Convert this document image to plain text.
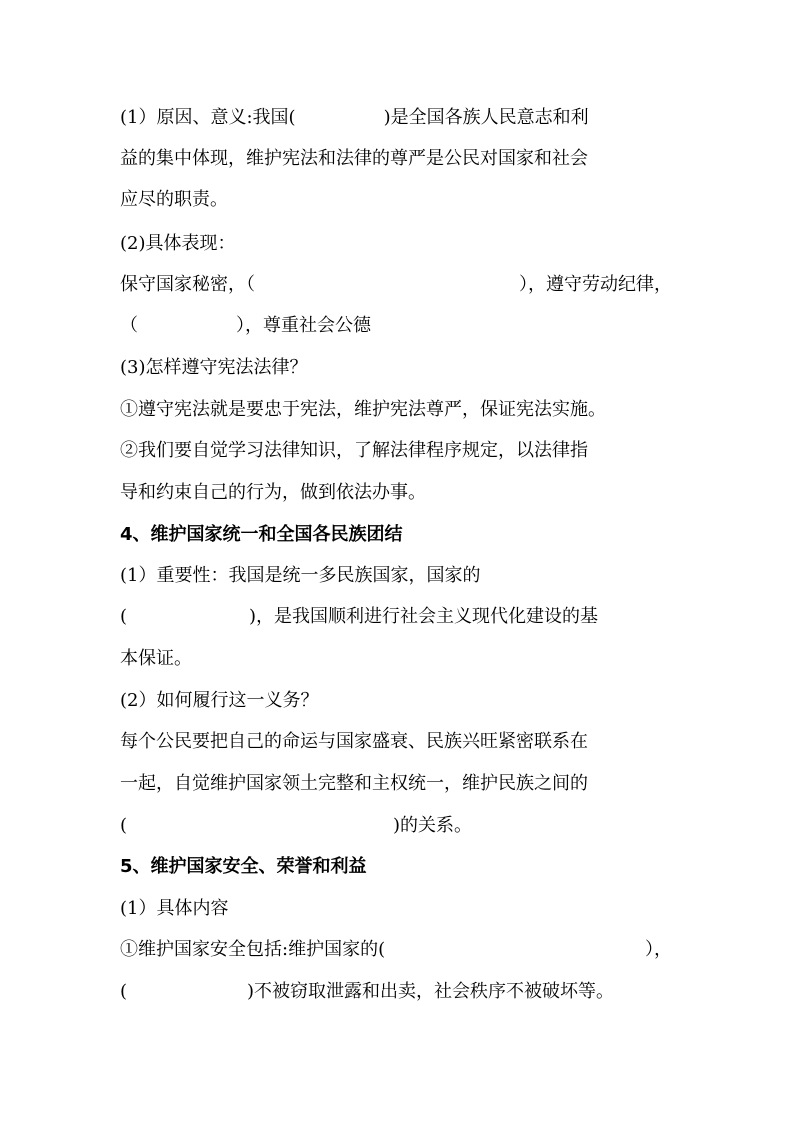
(1）原因、意义:我国(	)是全国各族人民意志和利
益的集中体现，维护宪法和法律的尊严是公民对国家和社会
应尽的职责。
(2)具体表现：
保守国家秘密，（	），遵守劳动纪律，
（	），尊重社会公德
(3)怎样遵守宪法法律？
①遵守宪法就是要忠于宪法，维护宪法尊严，保证宪法实施。
②我们要自觉学习法律知识，了解法律程序规定，以法律指
导和约束自己的行为，做到依法办事。
4、维护国家统一和全国各民族团结
(1）重要性：我国是统一多民族国家，国家的
(	)，是我国顺利进行社会主义现代化建设的基
本保证。
(2）如何履行这一义务？
每个公民要把自己的命运与国家盛衰、民族兴旺紧密联系在
一起，自觉维护国家领土完整和主权统一，维护民族之间的
(	)的关系。
5、维护国家安全、荣誉和利益
(1）具体内容
①维护国家安全包括:维护国家的(	），
(	)不被窃取泄露和出卖，社会秩序不被破坏等。
